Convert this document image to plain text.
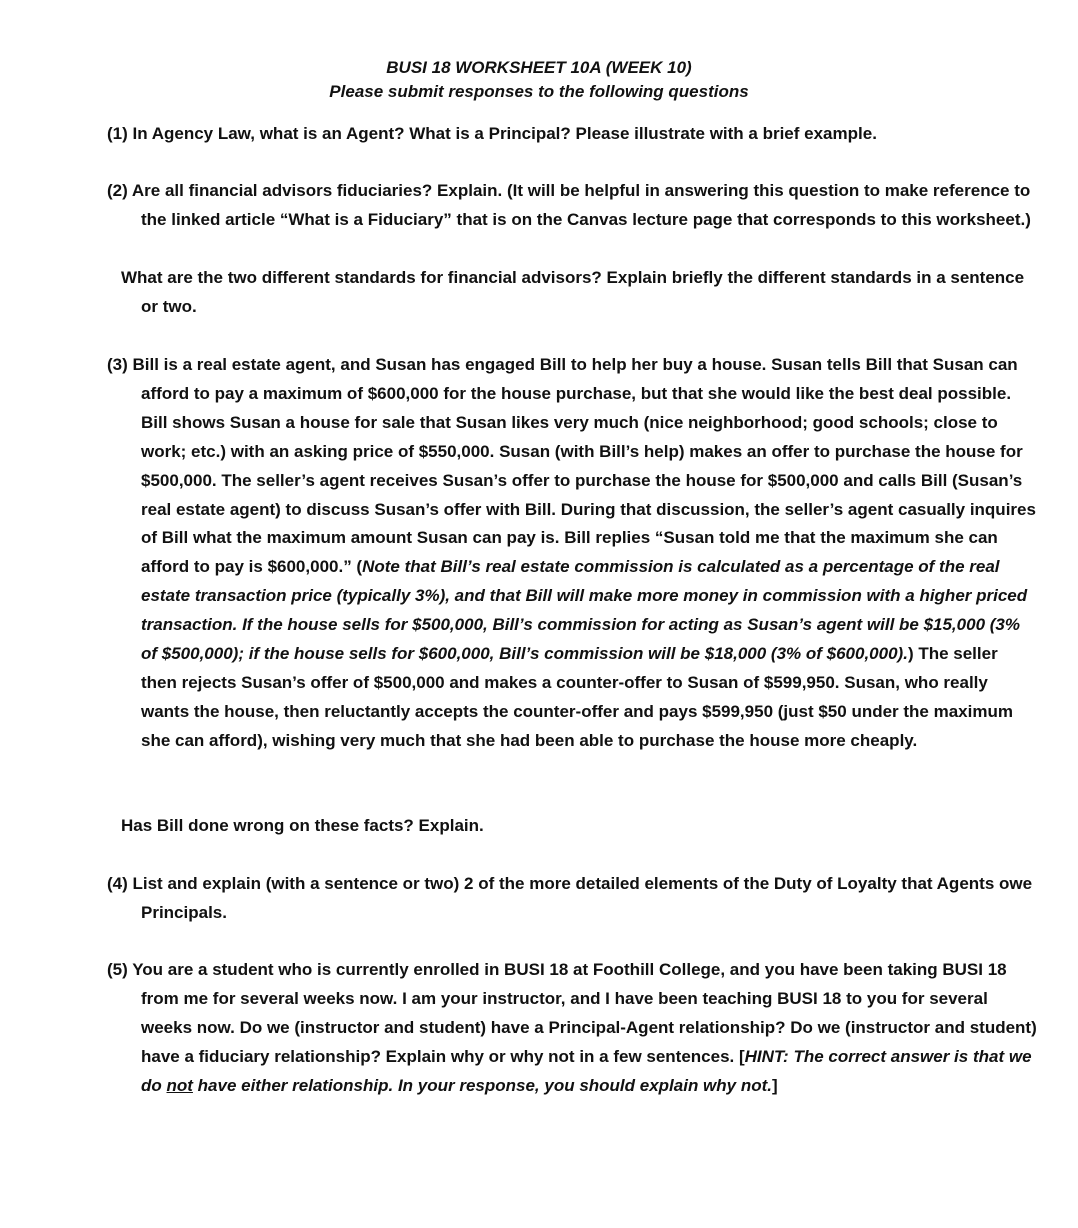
BUSI 18 WORKSHEET 10A (WEEK 10)
Please submit responses to the following questions
(1) In Agency Law, what is an Agent? What is a Principal? Please illustrate with a brief example.
(2) Are all financial advisors fiduciaries? Explain. (It will be helpful in answering this question to make reference to the linked article “What is a Fiduciary” that is on the Canvas lecture page that corresponds to this worksheet.)
What are the two different standards for financial advisors? Explain briefly the different standards in a sentence or two.
(3) Bill is a real estate agent, and Susan has engaged Bill to help her buy a house. Susan tells Bill that Susan can afford to pay a maximum of $600,000 for the house purchase, but that she would like the best deal possible. Bill shows Susan a house for sale that Susan likes very much (nice neighborhood; good schools; close to work; etc.) with an asking price of $550,000. Susan (with Bill’s help) makes an offer to purchase the house for $500,000. The seller’s agent receives Susan’s offer to purchase the house for $500,000 and calls Bill (Susan’s real estate agent) to discuss Susan’s offer with Bill. During that discussion, the seller’s agent casually inquires of Bill what the maximum amount Susan can pay is. Bill replies “Susan told me that the maximum she can afford to pay is $600,000.” (Note that Bill’s real estate commission is calculated as a percentage of the real estate transaction price (typically 3%), and that Bill will make more money in commission with a higher priced transaction. If the house sells for $500,000, Bill’s commission for acting as Susan’s agent will be $15,000 (3% of $500,000); if the house sells for $600,000, Bill’s commission will be $18,000 (3% of $600,000).) The seller then rejects Susan’s offer of $500,000 and makes a counter-offer to Susan of $599,950. Susan, who really wants the house, then reluctantly accepts the counter-offer and pays $599,950 (just $50 under the maximum she can afford), wishing very much that she had been able to purchase the house more cheaply.
Has Bill done wrong on these facts? Explain.
(4) List and explain (with a sentence or two) 2 of the more detailed elements of the Duty of Loyalty that Agents owe Principals.
(5) You are a student who is currently enrolled in BUSI 18 at Foothill College, and you have been taking BUSI 18 from me for several weeks now. I am your instructor, and I have been teaching BUSI 18 to you for several weeks now. Do we (instructor and student) have a Principal-Agent relationship? Do we (instructor and student) have a fiduciary relationship? Explain why or why not in a few sentences. [HINT: The correct answer is that we do not have either relationship. In your response, you should explain why not.]
